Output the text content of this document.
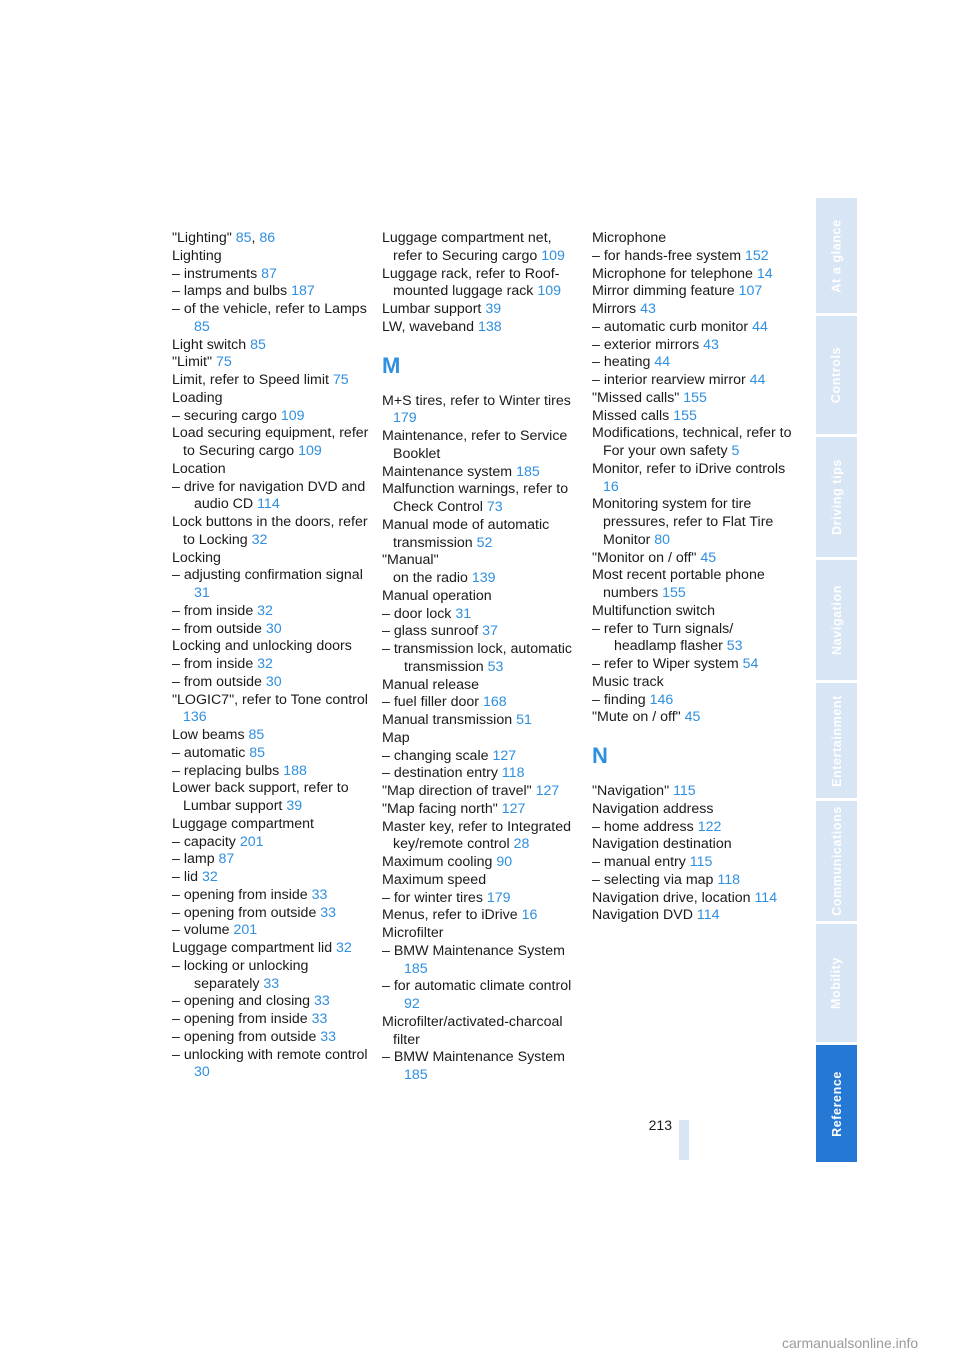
"Lighting" 85, 86
Lighting
– instruments 87
– lamps and bulbs 187
– of the vehicle, refer to Lamps 85
Light switch 85
"Limit" 75
Limit, refer to Speed limit 75
Loading
– securing cargo 109
Load securing equipment, refer to Securing cargo 109
Location
– drive for navigation DVD and audio CD 114
Lock buttons in the doors, refer to Locking 32
Locking
– adjusting confirmation signal 31
– from inside 32
– from outside 30
Locking and unlocking doors
– from inside 32
– from outside 30
"LOGIC7", refer to Tone control 136
Low beams 85
– automatic 85
– replacing bulbs 188
Lower back support, refer to Lumbar support 39
Luggage compartment
– capacity 201
– lamp 87
– lid 32
– opening from inside 33
– opening from outside 33
– volume 201
Luggage compartment lid 32
– locking or unlocking separately 33
– opening and closing 33
– opening from inside 33
– opening from outside 33
– unlocking with remote control 30
Luggage compartment net, refer to Securing cargo 109
Luggage rack, refer to Roof-mounted luggage rack 109
Lumbar support 39
LW, waveband 138
M
M+S tires, refer to Winter tires 179
Maintenance, refer to Service Booklet
Maintenance system 185
Malfunction warnings, refer to Check Control 73
Manual mode of automatic transmission 52
"Manual"
on the radio 139
Manual operation
– door lock 31
– glass sunroof 37
– transmission lock, automatic transmission 53
Manual release
– fuel filler door 168
Manual transmission 51
Map
– changing scale 127
– destination entry 118
"Map direction of travel" 127
"Map facing north" 127
Master key, refer to Integrated key/remote control 28
Maximum cooling 90
Maximum speed
– for winter tires 179
Menus, refer to iDrive 16
Microfilter
– BMW Maintenance System 185
– for automatic climate control 92
Microfilter/activated-charcoal filter
– BMW Maintenance System 185
Microphone
– for hands-free system 152
Microphone for telephone 14
Mirror dimming feature 107
Mirrors 43
– automatic curb monitor 44
– exterior mirrors 43
– heating 44
– interior rearview mirror 44
"Missed calls" 155
Missed calls 155
Modifications, technical, refer to For your own safety 5
Monitor, refer to iDrive controls 16
Monitoring system for tire pressures, refer to Flat Tire Monitor 80
"Monitor on / off" 45
Most recent portable phone numbers 155
Multifunction switch
– refer to Turn signals/ headlamp flasher 53
– refer to Wiper system 54
Music track
– finding 146
"Mute on / off" 45
N
"Navigation" 115
Navigation address
– home address 122
Navigation destination
– manual entry 115
– selecting via map 118
Navigation drive, location 114
Navigation DVD 114
At a glance
Controls
Driving tips
Navigation
Entertainment
Communications
Mobility
Reference
213
carmanualsonline.info
